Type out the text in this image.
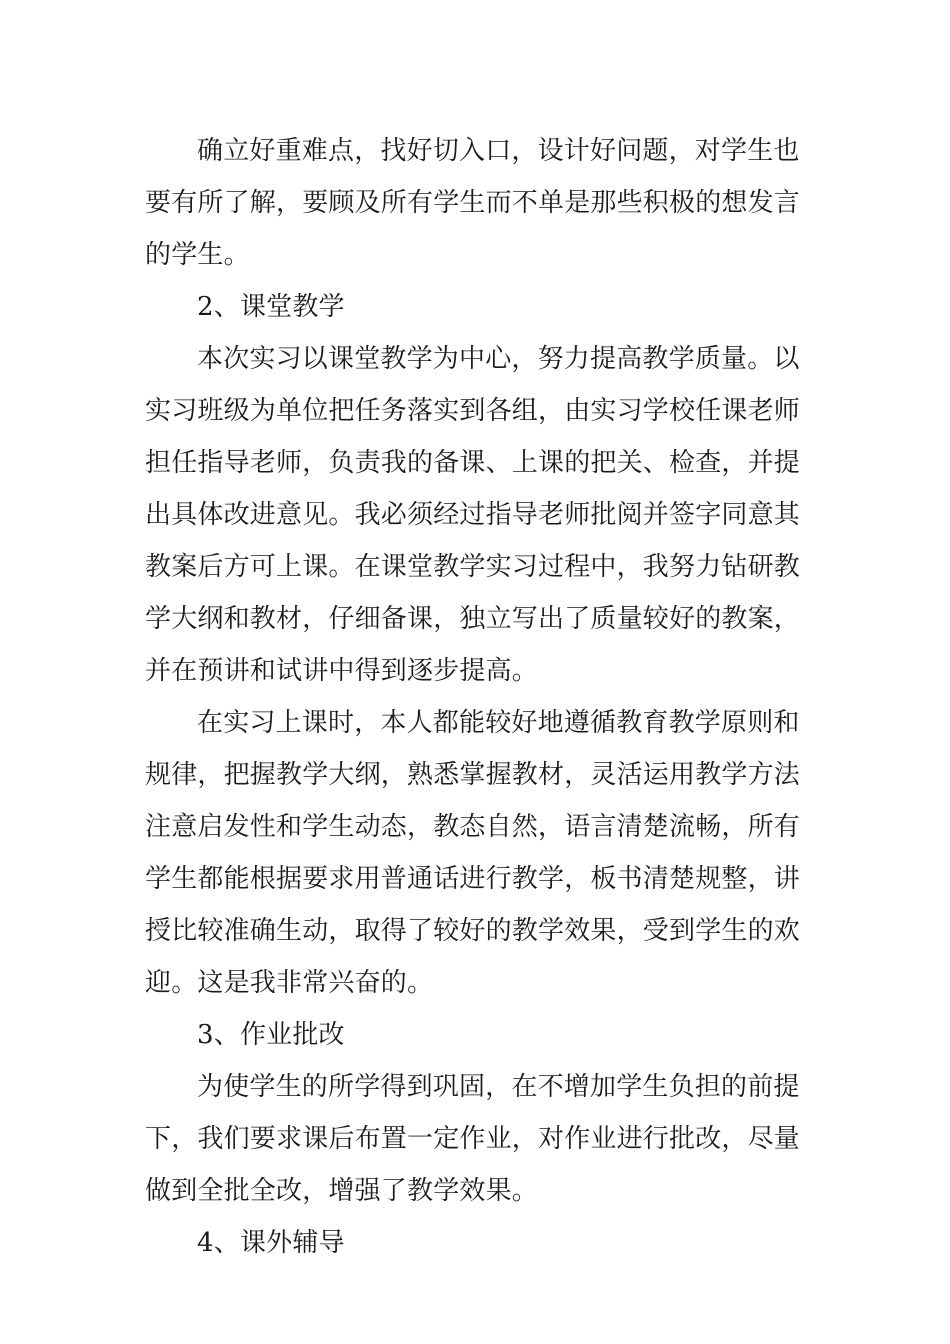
确立好重难点，找好切入口，设计好问题，对学生也
要有所了解，要顾及所有学生而不单是那些积极的想发言
的学生。
2、课堂教学
本次实习以课堂教学为中心，努力提高教学质量。以
实习班级为单位把任务落实到各组，由实习学校任课老师
担任指导老师，负责我的备课、上课的把关、检查，并提
出具体改进意见。我必须经过指导老师批阅并签字同意其
教案后方可上课。在课堂教学实习过程中，我努力钻研教
学大纲和教材，仔细备课，独立写出了质量较好的教案，
并在预讲和试讲中得到逐步提高。
在实习上课时，本人都能较好地遵循教育教学原则和
规律，把握教学大纲，熟悉掌握教材，灵活运用教学方法
注意启发性和学生动态，教态自然，语言清楚流畅，所有
学生都能根据要求用普通话进行教学，板书清楚规整，讲
授比较准确生动，取得了较好的教学效果，受到学生的欢
迎。这是我非常兴奋的。
3、作业批改
为使学生的所学得到巩固，在不增加学生负担的前提
下，我们要求课后布置一定作业，对作业进行批改，尽量
做到全批全改，增强了教学效果。
4、课外辅导
